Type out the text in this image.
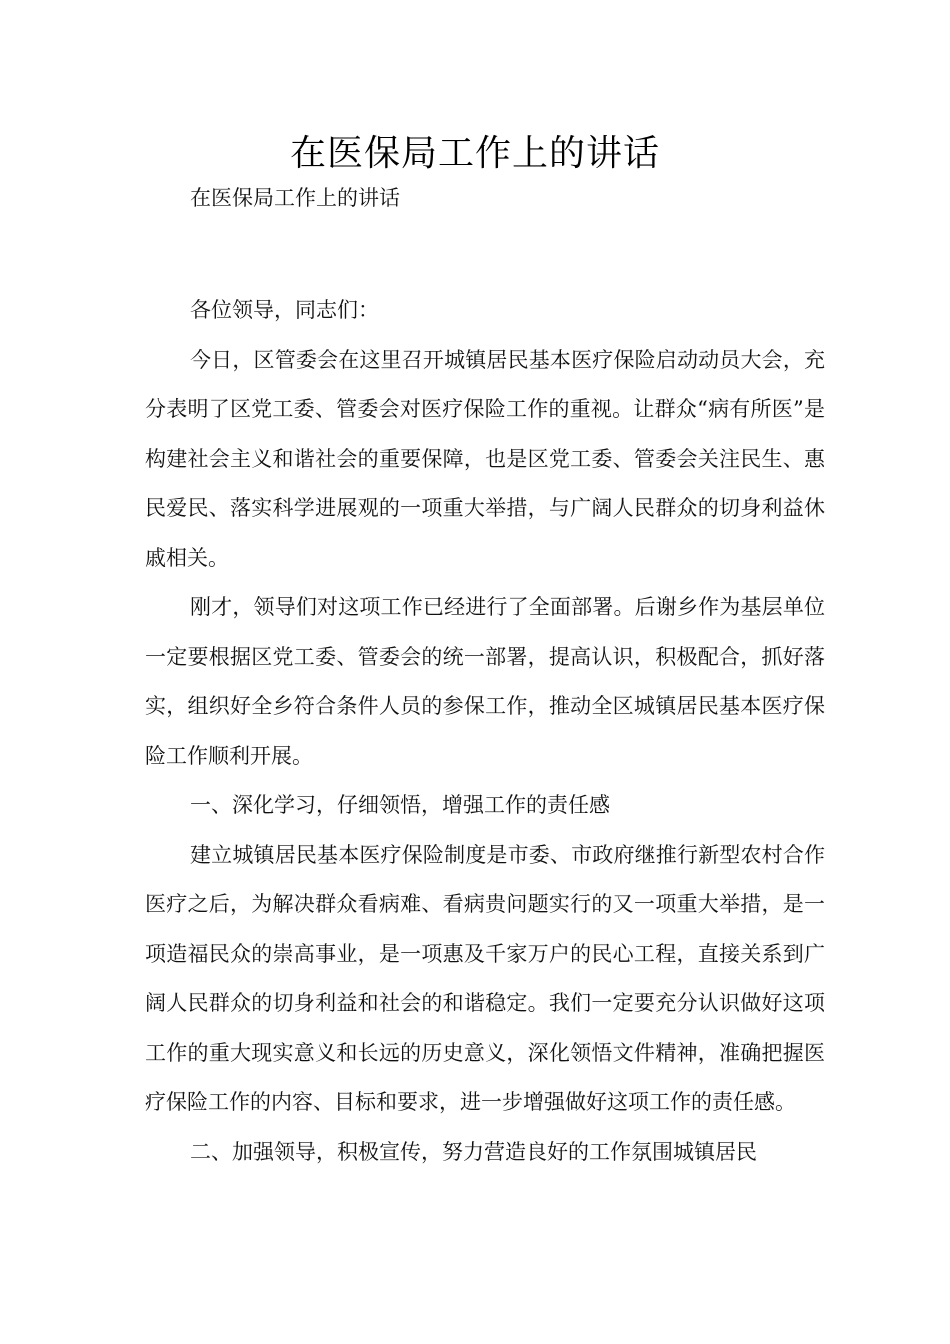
在医保局工作上的讲话
在医保局工作上的讲话

各位领导，同志们：

今日，区管委会在这里召开城镇居民基本医疗保险启动动员大会，充分表明了区党工委、管委会对医疗保险工作的重视。让群众“病有所医”是构建社会主义和谐社会的重要保障，也是区党工委、管委会关注民生、惠民爱民、落实科学进展观的一项重大举措，与广阔人民群众的切身利益休戚相关。

刚才，领导们对这项工作已经进行了全面部署。后谢乡作为基层单位一定要根据区党工委、管委会的统一部署，提高认识，积极配合，抓好落实，组织好全乡符合条件人员的参保工作，推动全区城镇居民基本医疗保险工作顺利开展。

一、深化学习，仔细领悟，增强工作的责任感

建立城镇居民基本医疗保险制度是市委、市政府继推行新型农村合作医疗之后，为解决群众看病难、看病贵问题实行的又一项重大举措，是一项造福民众的崇高事业，是一项惠及千家万户的民心工程，直接关系到广阔人民群众的切身利益和社会的和谐稳定。我们一定要充分认识做好这项工作的重大现实意义和长远的历史意义，深化领悟文件精神，准确把握医疗保险工作的内容、目标和要求，进一步增强做好这项工作的责任感。

二、加强领导，积极宣传，努力营造良好的工作氛围城镇居民
